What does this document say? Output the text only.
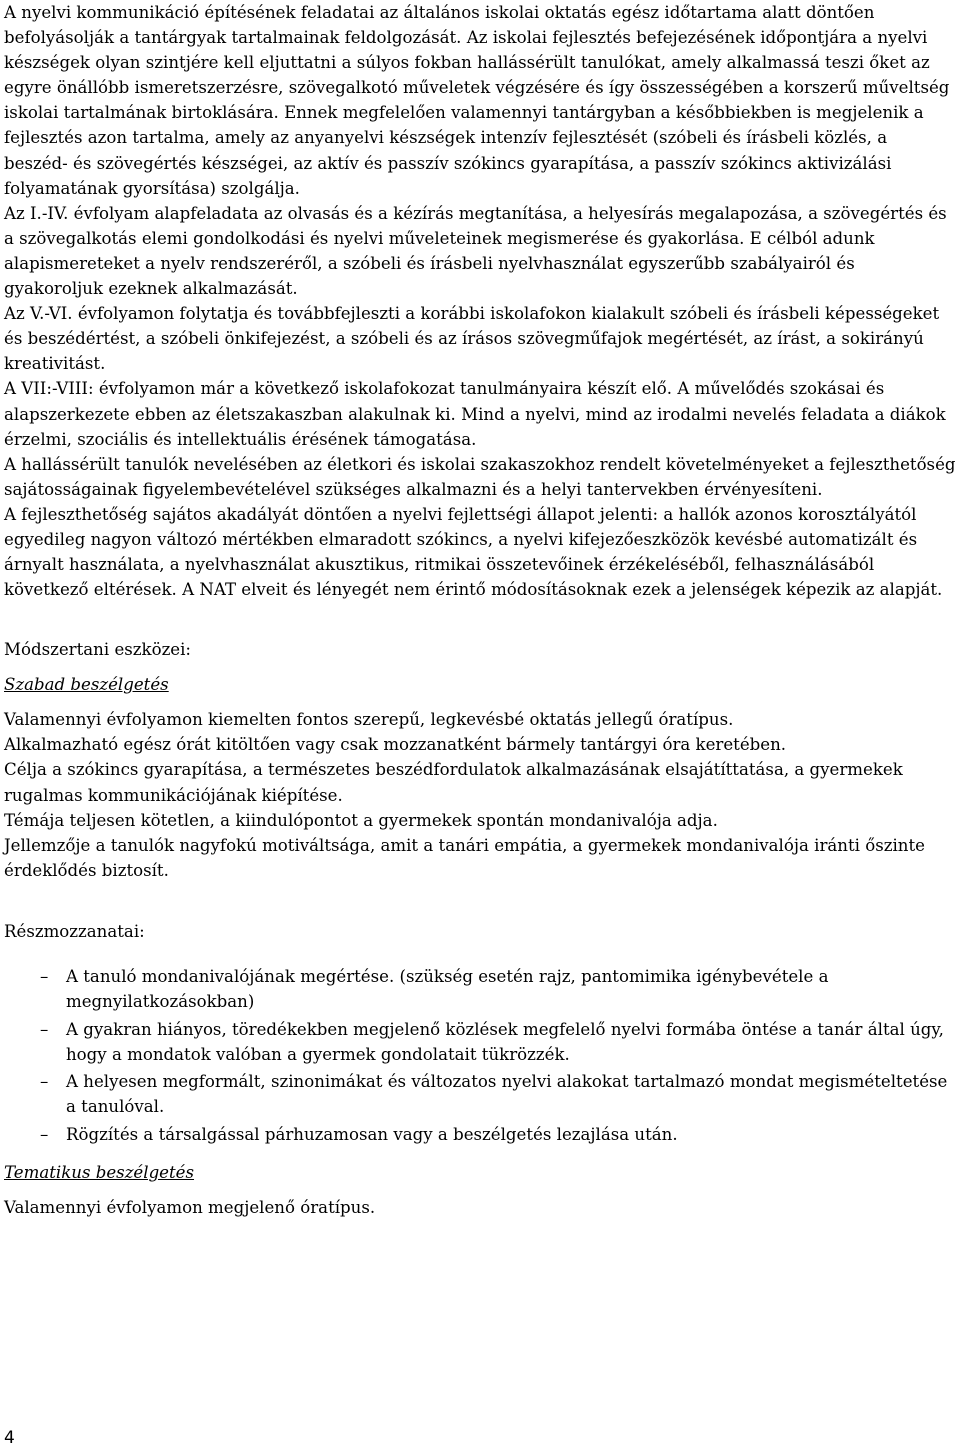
A nyelvi kommunikáció építésének feladatai az általános iskolai oktatás egész időtartama alatt döntően befolyásolják a tantárgyak tartalmainak feldolgozását. Az iskolai fejlesztés befejezésének időpontjára a nyelvi készségek olyan szintjére kell eljuttatni a súlyos fokban hallássérült tanulókat, amely alkalmassá teszi őket az egyre önállóbb ismeretszerzésre, szövegalkotó műveletek végzésére és így összességében a korszerű műveltség iskolai tartalmának birtoklására. Ennek megfelelően valamennyi tantárgyban a későbbiekben is megjelenik a fejlesztés azon tartalma, amely az anyanyelvi készségek intenzív fejlesztését (szóbeli és írásbeli közlés, a beszéd- és szövegértés készségei, az aktív és passzív szókincs gyarapítása, a passzív szókincs aktivizálási folyamatának gyorsítása) szolgálja.

Az I.-IV. évfolyam alapfeladata az olvasás és a kézírás megtanítása, a helyesírás megalapozása, a szövegértés és a szövegalkotás elemi gondolkodási és nyelvi műveleteinek megismerése és gyakorlása. E célból adunk alapismereteket a nyelv rendszeréről, a szóbeli és írásbeli nyelvhasználat egyszerűbb szabályairól és gyakoroljuk ezeknek alkalmazását.

Az V.-VI. évfolyamon folytatja és továbbfejleszti a korábbi iskolafokon kialakult szóbeli és írásbeli képességeket és beszédértést, a szóbeli önkifejezést, a szóbeli és az írásos szövegműfajok megértését, az írást, a sokirányú kreativitást.

A VII:-VIII: évfolyamon már a következő iskolafokozat tanulmányaira készít elő. A művelődés szokásai és alapszerkezete ebben az életszakaszban alakulnak ki. Mind a nyelvi, mind az irodalmi nevelés feladata a diákok érzelmi, szociális és intellektuális érésének támogatása.

A hallássérült tanulók nevelésében az életkori és iskolai szakaszokhoz rendelt követelményeket a fejleszthetőség sajátosságainak figyelembevételével szükséges alkalmazni és a helyi tantervekben érvényesíteni.

A fejleszthetőség sajátos akadályát döntően a nyelvi fejlettségi állapot jelenti: a hallók azonos korosztályától egyedileg nagyon változó mértékben elmaradott szókincs, a nyelvi kifejezőeszközök kevésbé automatizált és árnyalt használata, a nyelvhasználat akusztikus, ritmikai összetevőinek érzékeléséből, felhasználásából következő eltérések. A NAT elveit és lényegét nem érintő módosításoknak ezek a jelenségek képezik az alapját.

Módszertani eszközei:

Szabad beszélgetés

Valamennyi évfolyamon kiemelten fontos szerepű, legkevésbé oktatás jellegű óratípus.

Alkalmazható egész órát kitöltően vagy csak mozzanatként bármely tantárgyi óra keretében.

Célja a szókincs gyarapítása, a természetes beszédfordulatok alkalmazásának elsajátíttatása, a gyermekek rugalmas kommunikációjának kiépítése.

Témája teljesen kötetlen, a kiindulópontot a gyermekek spontán mondanivalója adja.

Jellemzője a tanulók nagyfokú motiváltsága, amit a tanári empátia, a gyermekek mondanivalója iránti őszinte érdeklődés biztosít.

Részmozzanatai:

– A tanuló mondanivalójának megértése. (szükség esetén rajz, pantomimika igénybevétele a megnyilatkozásokban)
– A gyakran hiányos, töredékekben megjelenő közlések megfelelő nyelvi formába öntése a tanár által úgy, hogy a mondatok valóban a gyermek gondolatait tükrözzék.
– A helyesen megformált, szinonimákat és változatos nyelvi alakokat tartalmazó mondat megismételtetése a tanulóval.
– Rögzítés a társalgással párhuzamosan vagy a beszélgetés lezajlása után.

Tematikus beszélgetés

Valamennyi évfolyamon megjelenő óratípus.

4
